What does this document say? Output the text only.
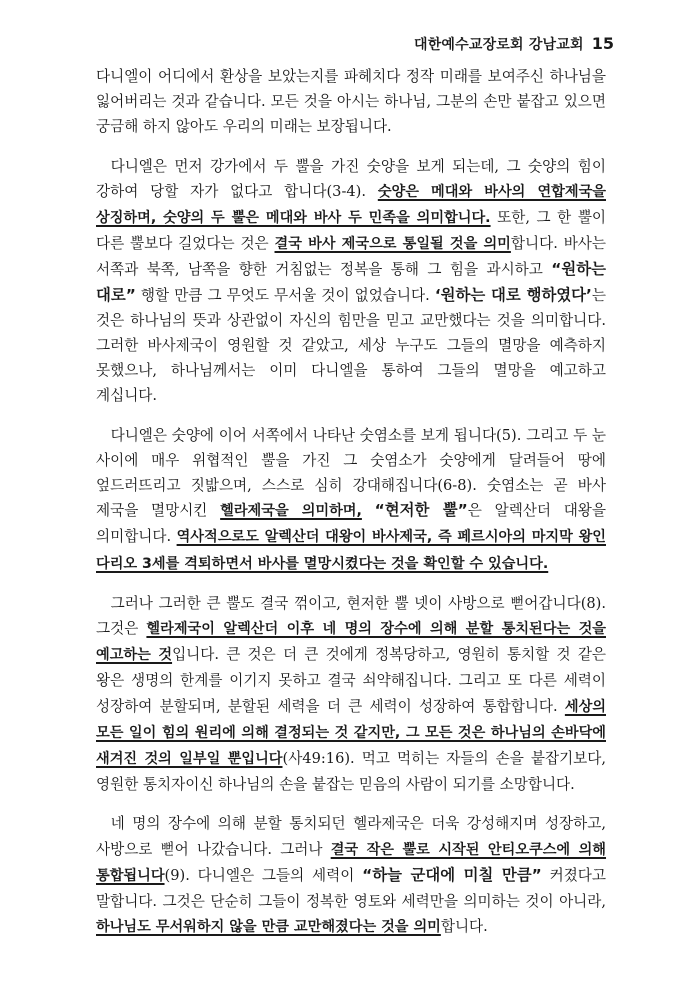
대한예수교장로회 강남교회 15

다니엘이 어디에서 환상을 보았는지를 파헤치다 정작 미래를 보여주신 하나님을 잃어버리는 것과 같습니다. 모든 것을 아시는 하나님, 그분의 손만 붙잡고 있으면 궁금해 하지 않아도 우리의 미래는 보장됩니다.

다니엘은 먼저 강가에서 두 뿔을 가진 숫양을 보게 되는데, 그 숫양의 힘이 강하여 당할 자가 없다고 합니다(3-4). 숫양은 메대와 바사의 연합제국을 상징하며, 숫양의 두 뿔은 메대와 바사 두 민족을 의미합니다. 또한, 그 한 뿔이 다른 뿔보다 길었다는 것은 결국 바사 제국으로 통일될 것을 의미합니다. 바사는 서쪽과 북쪽, 남쪽을 향한 거침없는 정복을 통해 그 힘을 과시하고 “원하는 대로” 행할 만큼 그 무엇도 무서울 것이 없었습니다. ‘원하는 대로 행하였다’는 것은 하나님의 뜻과 상관없이 자신의 힘만을 믿고 교만했다는 것을 의미합니다. 그러한 바사제국이 영원할 것 같았고, 세상 누구도 그들의 멸망을 예측하지 못했으나, 하나님께서는 이미 다니엘을 통하여 그들의 멸망을 예고하고 계십니다.

다니엘은 숫양에 이어 서쪽에서 나타난 숫염소를 보게 됩니다(5). 그리고 두 눈 사이에 매우 위협적인 뿔을 가진 그 숫염소가 숫양에게 달려들어 땅에 엎드러뜨리고 짓밟으며, 스스로 심히 강대해집니다(6-8). 숫염소는 곧 바사 제국을 멸망시킨 헬라제국을 의미하며, “현저한 뿔”은 알렉산더 대왕을 의미합니다. 역사적으로도 알렉산더 대왕이 바사제국, 즉 페르시아의 마지막 왕인 다리오 3세를 격퇴하면서 바사를 멸망시켰다는 것을 확인할 수 있습니다.

그러나 그러한 큰 뿔도 결국 꺾이고, 현저한 뿔 넷이 사방으로 뻗어갑니다(8). 그것은 헬라제국이 알렉산더 이후 네 명의 장수에 의해 분할 통치된다는 것을 예고하는 것입니다. 큰 것은 더 큰 것에게 정복당하고, 영원히 통치할 것 같은 왕은 생명의 한계를 이기지 못하고 결국 쇠약해집니다. 그리고 또 다른 세력이 성장하여 분할되며, 분할된 세력을 더 큰 세력이 성장하여 통합합니다. 세상의 모든 일이 힘의 원리에 의해 결정되는 것 같지만, 그 모든 것은 하나님의 손바닥에 새겨진 것의 일부일 뿐입니다(사49:16). 먹고 먹히는 자들의 손을 붙잡기보다, 영원한 통치자이신 하나님의 손을 붙잡는 믿음의 사람이 되기를 소망합니다.

네 명의 장수에 의해 분할 통치되던 헬라제국은 더욱 강성해지며 성장하고, 사방으로 뻗어 나갔습니다. 그러나 결국 작은 뿔로 시작된 안티오쿠스에 의해 통합됩니다(9). 다니엘은 그들의 세력이 “하늘 군대에 미칠 만큼” 커졌다고 말합니다. 그것은 단순히 그들이 정복한 영토와 세력만을 의미하는 것이 아니라, 하나님도 무서워하지 않을 만큼 교만해졌다는 것을 의미합니다.
